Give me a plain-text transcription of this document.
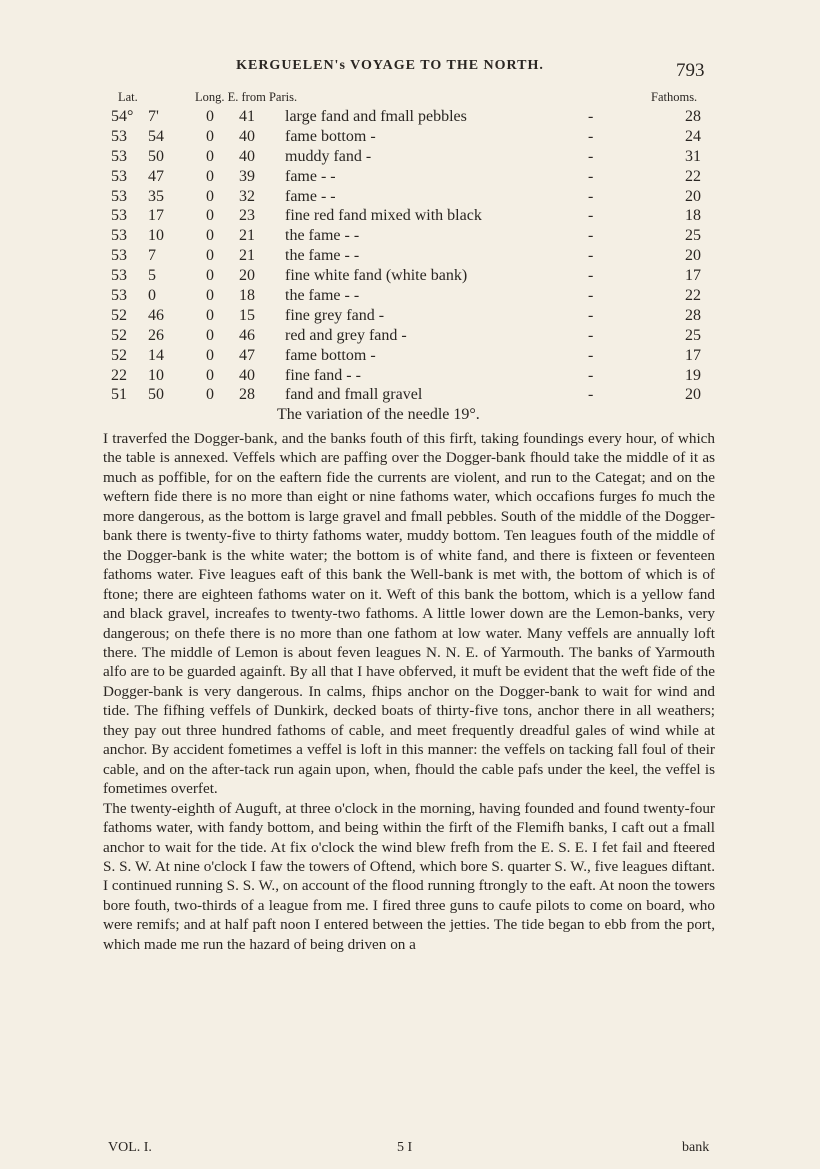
KERGUELEN's VOYAGE TO THE NORTH.	793
Lat.	Long. E. from Paris.	Fathoms.
54° 7'	0 41 large fand and fmall pebbles	-	28
53 54	0 40 fame bottom -	-	24
53 50	0 40 muddy fand -	-	31
53 47	0 39 fame - -	-	22
53 35	0 32 fame - -	-	20
53 17	0 23 fine red fand mixed with black	-	18
53 10	0 21 the fame - -	-	25
53 7	0 21 the fame - -	-	20
53 5	0 20 fine white fand (white bank)	-	17
53 0	0 18 the fame - -	-	22
52 46	0 15 fine grey fand -	-	28
52 26	0 46 red and grey fand -	-	25
52 14	0 47 fame bottom -	-	17
22 10	0 40 fine fand - -	-	19
51 50	0 28 fand and fmall gravel	-	20
The variation of the needle 19°.

I traverfed the Dogger-bank, and the banks fouth of this firft, taking foundings every hour, of which the table is annexed. Veffels which are paffing over the Dogger-bank fhould take the middle of it as much as poffible, for on the eaftern fide the currents are violent, and run to the Categat; and on the weftern fide there is no more than eight or nine fathoms water, which occafions furges fo much the more dangerous, as the bottom is large gravel and fmall pebbles. South of the middle of the Dogger-bank there is twenty-five to thirty fathoms water, muddy bottom. Ten leagues fouth of the middle of the Dogger-bank is the white water; the bottom is of white fand, and there is fixteen or feventeen fathoms water. Five leagues eaft of this bank the Well-bank is met with, the bottom of which is of ftone; there are eighteen fathoms water on it. Weft of this bank the bottom, which is a yellow fand and black gravel, increafes to twenty-two fathoms. A little lower down are the Lemon-banks, very dangerous; on thefe there is no more than one fathom at low water. Many veffels are annually loft there. The middle of Lemon is about feven leagues N. N. E. of Yarmouth. The banks of Yarmouth alfo are to be guarded againft. By all that I have obferved, it muft be evident that the weft fide of the Dogger-bank is very dangerous. In calms, fhips anchor on the Dogger-bank to wait for wind and tide. The fifhing veffels of Dunkirk, decked boats of thirty-five tons, anchor there in all weathers; they pay out three hundred fathoms of cable, and meet frequently dreadful gales of wind while at anchor. By accident fometimes a veffel is loft in this manner: the veffels on tacking fall foul of their cable, and on the after-tack run again upon, when, fhould the cable pafs under the keel, the veffel is fometimes overfet.

The twenty-eighth of Auguft, at three o'clock in the morning, having founded and found twenty-four fathoms water, with fandy bottom, and being within the firft of the Flemifh banks, I caft out a fmall anchor to wait for the tide. At fix o'clock the wind blew frefh from the E. S. E. I fet fail and fteered S. S. W. At nine o'clock I faw the towers of Oftend, which bore S. quarter S. W., five leagues diftant. I continued running S. S. W., on account of the flood running ftrongly to the eaft. At noon the towers bore fouth, two-thirds of a league from me. I fired three guns to caufe pilots to come on board, who were remifs; and at half paft noon I entered between the jetties. The tide began to ebb from the port, which made me run the hazard of being driven on a

VOL. I.	5 I	bank
